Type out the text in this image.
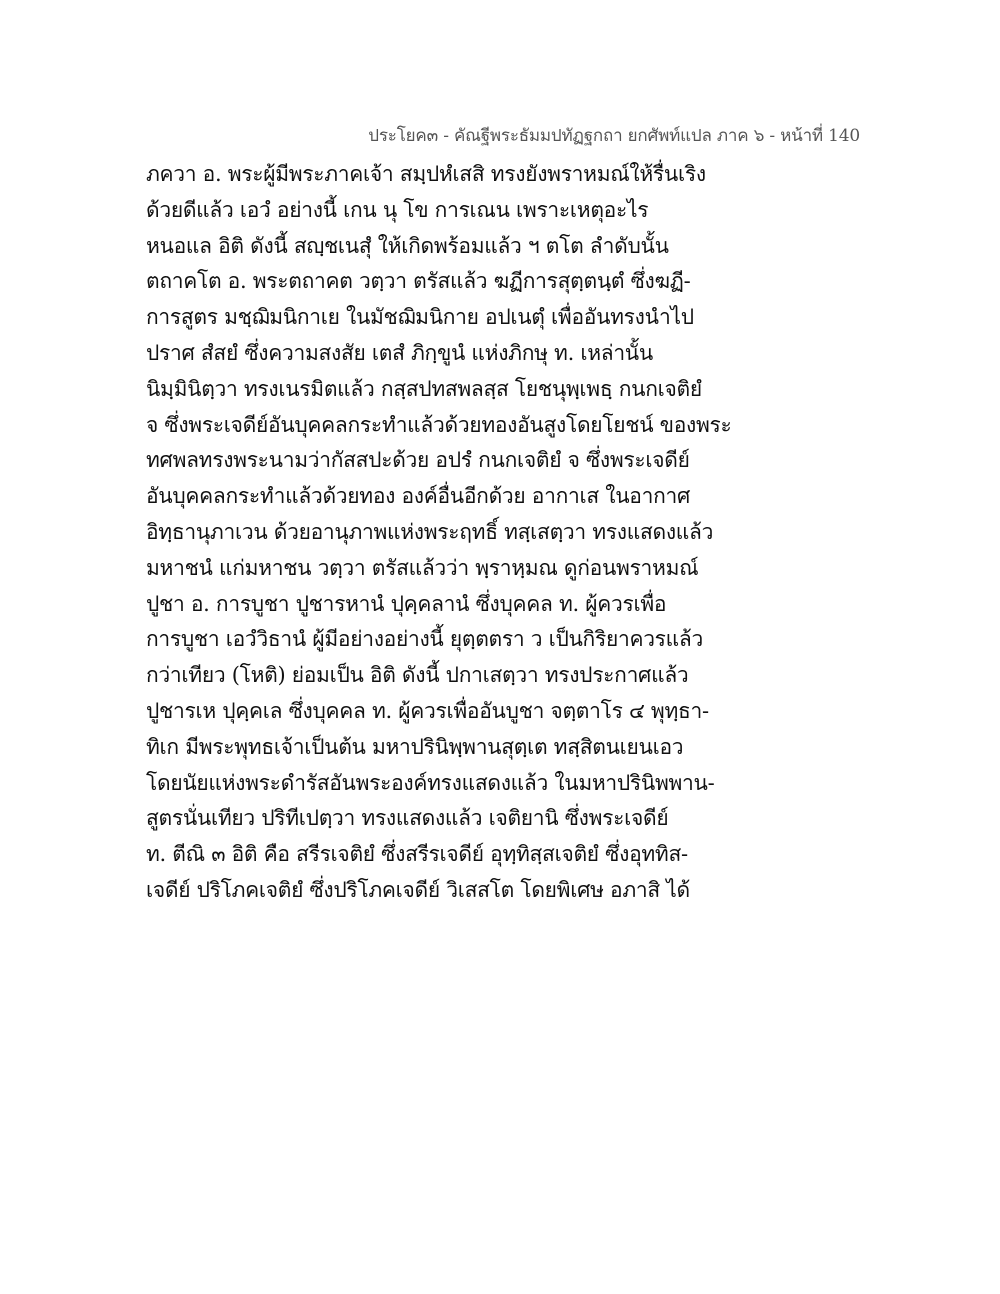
ประโยค๓ - คัณฐีพระธัมมปทัฏฐกถา ยกศัพท์แปล ภาค ๖ - หน้าที่ 140
ภควา อ. พระผู้มีพระภาคเจ้า สมฺปหํเสสิ ทรงยังพราหมณ์ให้รื่นเริง
ด้วยดีแล้ว เอวํ อย่างนี้ เกน นุ โข การเณน เพราะเหตุอะไร
หนอแล อิติ ดังนี้ สญฺชเนสุํ ให้เกิดพร้อมแล้ว ฯ ตโต ลำดับนั้น
ตถาคโต อ. พระตถาคต วตฺวา ตรัสแล้ว ฆฏีการสุตฺตนฺตํ ซึ่งฆฏี-
การสูตร มชฺฌิมนิกาเย ในมัชฌิมนิกาย อปเนตุํ เพื่ออันทรงนำไป
ปราศ สํสยํ ซึ่งความสงสัย เตสํ ภิกฺขูนํ แห่งภิกษุ ท. เหล่านั้น
นิมฺมินิตฺวา ทรงเนรมิตแล้ว กสฺสปทสพลสฺส โยชนุพฺเพธฺ กนกเจติยํ
จ ซึ่งพระเจดีย์อันบุคคลกระทำแล้วด้วยทองอันสูงโดยโยชน์ ของพระ
ทศพลทรงพระนามว่ากัสสปะด้วย อปรํ กนกเจติยํ จ ซึ่งพระเจดีย์
อันบุคคลกระทำแล้วด้วยทอง องค์อื่นอีกด้วย อากาเส ในอากาศ
อิทฺธานุภาเวน ด้วยอานุภาพแห่งพระฤทธิ์ ทสฺเสตฺวา ทรงแสดงแล้ว
มหาชนํ แก่มหาชน วตฺวา ตรัสแล้วว่า พฺราหฺมณ ดูก่อนพราหมณ์
ปูชา อ. การบูชา ปูชารหานํ ปุคฺคลานํ ซึ่งบุคคล ท. ผู้ควรเพื่อ
การบูชา เอวํวิธานํ ผู้มีอย่างอย่างนี้ ยุตฺตตรา ว เป็นกิริยาควรแล้ว
กว่าเทียว (โหติ) ย่อมเป็น อิติ ดังนี้ ปกาเสตฺวา ทรงประกาศแล้ว
ปูชารเห ปุคฺคเล ซึ่งบุคคล ท. ผู้ควรเพื่ออันบูชา จตฺตาโร ๔ พุทฺธา-
ทิเก มีพระพุทธเจ้าเป็นต้น มหาปรินิพฺพานสุตฺเต ทสฺสิตนเยนเอว
โดยนัยแห่งพระดำรัสอันพระองค์ทรงแสดงแล้ว ในมหาปรินิพพาน-
สูตรนั่นเทียว ปริทีเปตฺวา ทรงแสดงแล้ว เจติยานิ ซึ่งพระเจดีย์
ท. ตีณิ ๓ อิติ คือ สรีรเจติยํ ซึ่งสรีรเจดีย์ อุทฺทิสฺสเจติยํ ซึ่งอุททิส-
เจดีย์ ปริโภคเจติยํ ซึ่งปริโภคเจดีย์ วิเสสโต โดยพิเศษ อภาสิ ได้
